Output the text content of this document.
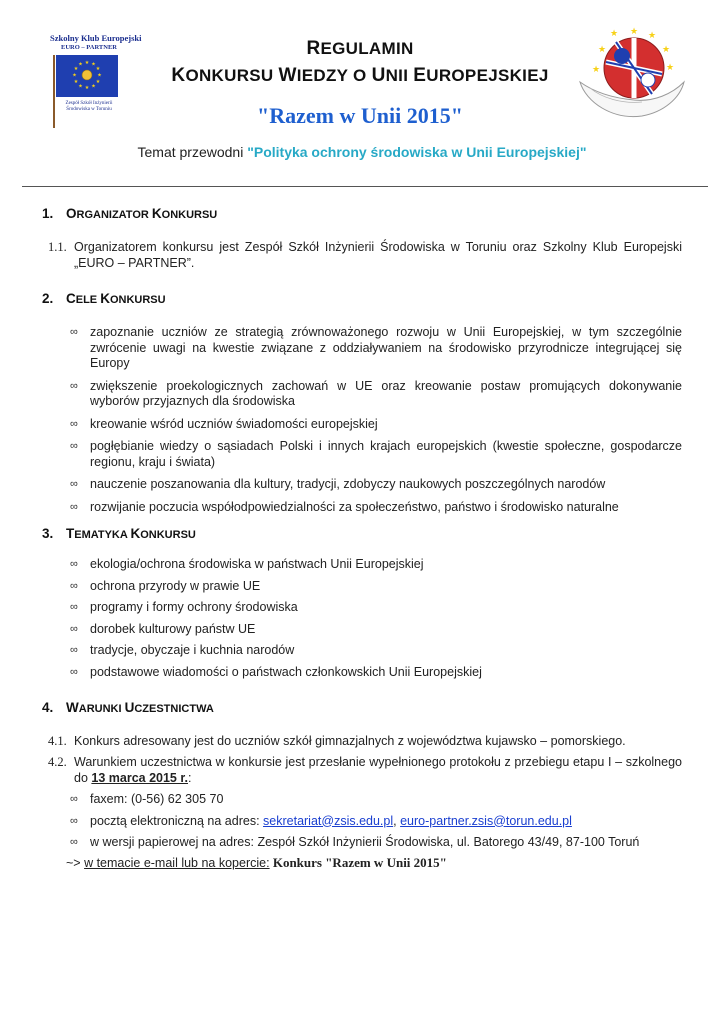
Szkolny Klub Europejski
EURO – PARTNER
★ ★
★
★
★
★
★
★
★
★
★
★
Zespół Szkół Inżynierii Środowiska w Toruniu
REGULAMIN
KONKURSU WIEDZY O UNII EUROPEJSKIEJ
"Razem w Unii 2015"
★ ★
★
★
★
★
★
Temat przewodni "Polityka ochrony środowiska w Unii Europejskiej"
1. ORGANIZATOR KONKURSU
1.1. Organizatorem konkursu jest Zespół Szkół Inżynierii Środowiska w Toruniu oraz Szkolny Klub Europejski „EURO – PARTNER”.
2. CELE KONKURSU
∞ zapoznanie uczniów ze strategią zrównoważonego rozwoju w Unii Europejskiej, w tym szczególnie zwrócenie uwagi na kwestie związane z oddziaływaniem na środowisko przyrodnicze integrującej się Europy
∞ zwiększenie proekologicznych zachowań w UE oraz kreowanie postaw promujących dokonywanie wyborów przyjaznych dla środowiska
∞ kreowanie wśród uczniów świadomości europejskiej
∞ pogłębianie wiedzy o sąsiadach Polski i innych krajach europejskich (kwestie społeczne, gospodarcze regionu, kraju i świata)
∞ nauczenie poszanowania dla kultury, tradycji, zdobyczy naukowych poszczególnych narodów
∞ rozwijanie poczucia współodpowiedzialności za społeczeństwo, państwo i środowisko naturalne
3. TEMATYKA KONKURSU
∞ ekologia/ochrona środowiska w państwach Unii Europejskiej
∞ ochrona przyrody w prawie UE
∞ programy i formy ochrony środowiska
∞ dorobek kulturowy państw UE
∞ tradycje, obyczaje i kuchnia narodów
∞ podstawowe wiadomości o państwach członkowskich Unii Europejskiej
4. WARUNKI UCZESTNICTWA
4.1. Konkurs adresowany jest do uczniów szkół gimnazjalnych z województwa kujawsko – pomorskiego.
4.2. Warunkiem uczestnictwa w konkursie jest przesłanie wypełnionego protokołu z przebiegu etapu I – szkolnego do 13 marca 2015 r.:
∞ faxem: (0-56) 62 305 70
∞ pocztą elektroniczną na adres: sekretariat@zsis.edu.pl, euro-partner.zsis@torun.edu.pl
∞ w wersji papierowej na adres: Zespół Szkół Inżynierii Środowiska, ul. Batorego 43/49, 87-100 Toruń
~> w temacie e-mail lub na kopercie: Konkurs "Razem w Unii 2015"
